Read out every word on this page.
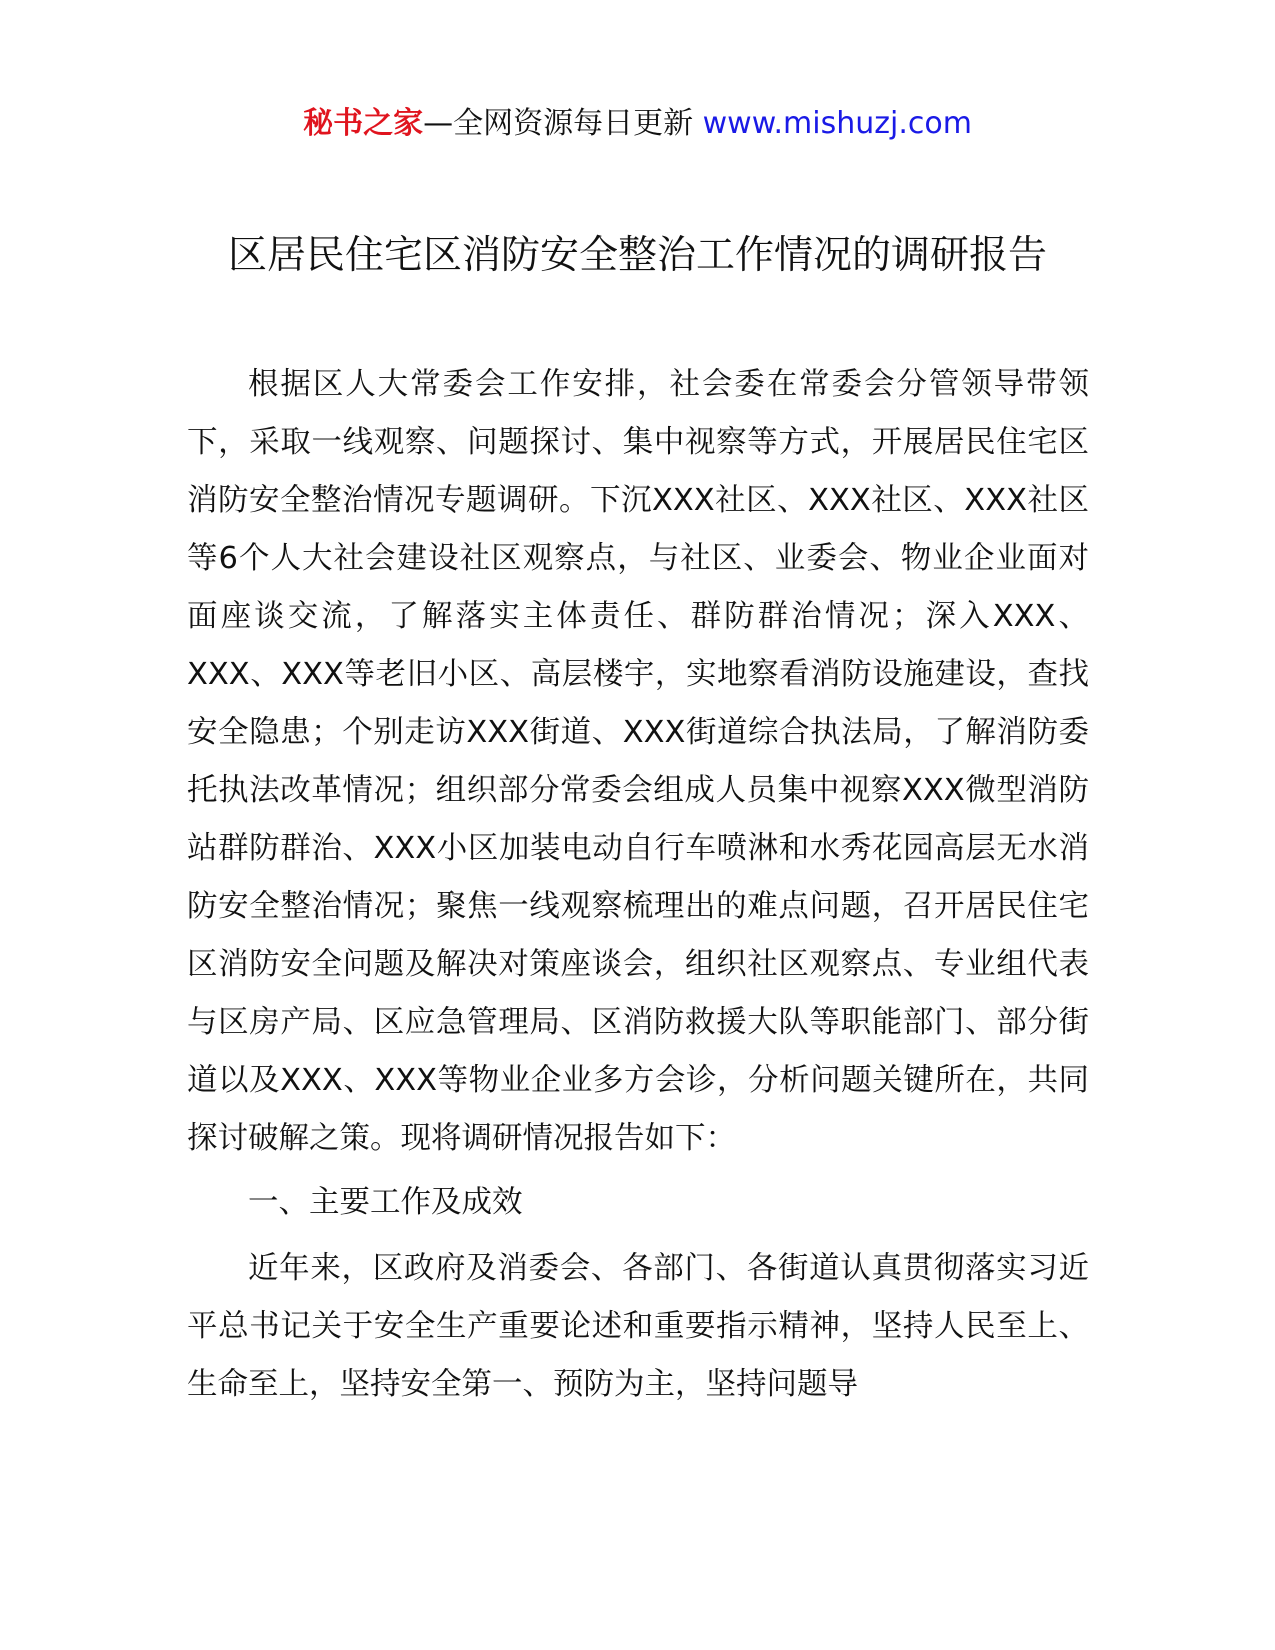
秘书之家—全网资源每日更新 www.mishuzj.com
区居民住宅区消防安全整治工作情况的调研报告

根据区人大常委会工作安排，社会委在常委会分管领导带领下，采取一线观察、问题探讨、集中视察等方式，开展居民住宅区消防安全整治情况专题调研。下沉XXX社区、XXX社区、XXX社区等6个人大社会建设社区观察点，与社区、业委会、物业企业面对面座谈交流，了解落实主体责任、群防群治情况；深入XXX、XXX、XXX等老旧小区、高层楼宇，实地察看消防设施建设，查找安全隐患；个别走访XXX街道、XXX街道综合执法局，了解消防委托执法改革情况；组织部分常委会组成人员集中视察XXX微型消防站群防群治、XXX小区加装电动自行车喷淋和水秀花园高层无水消防安全整治情况；聚焦一线观察梳理出的难点问题，召开居民住宅区消防安全问题及解决对策座谈会，组织社区观察点、专业组代表与区房产局、区应急管理局、区消防救援大队等职能部门、部分街道以及XXX、XXX等物业企业多方会诊，分析问题关键所在，共同探讨破解之策。现将调研情况报告如下：

一、主要工作及成效

近年来，区政府及消委会、各部门、各街道认真贯彻落实习近平总书记关于安全生产重要论述和重要指示精神，坚持人民至上、生命至上，坚持安全第一、预防为主，坚持问题导
